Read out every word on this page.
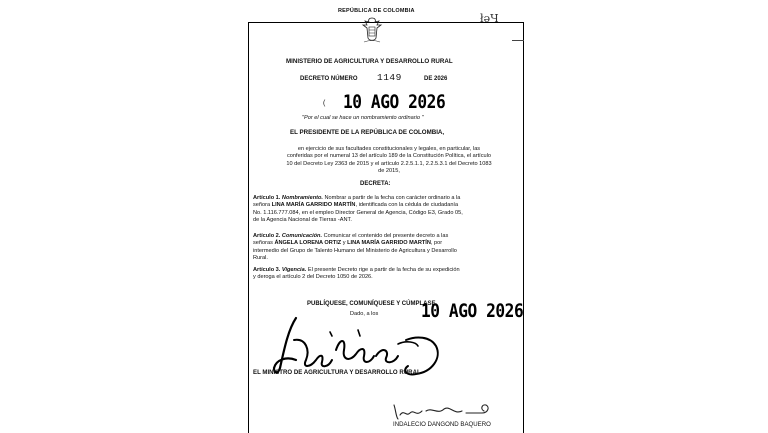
REPÚBLICA DE COLOMBIA
łəЧ
MINISTERIO DE AGRICULTURA Y DESARROLLO RURAL
DECRETO NÚMERO 1149	DE 2026
( 10 AGO 2026
"Por el cual se hace un nombramiento ordinario "
EL PRESIDENTE DE LA REPÚBLICA DE COLOMBIA,
en ejercicio de sus facultades constitucionales y legales, en particular, las
conferidas por el numeral 13 del artículo 189 de la Constitución Política, el artículo
10 del Decreto Ley 2363 de 2015 y el artículo 2.2.5.1.1, 2.2.5.3.1 del Decreto 1083
de 2015,
DECRETA:
Artículo 1. Nombramiento. Nombrar a partir de la fecha con carácter ordinario a la
señora LINA MARÍA GARRIDO MARTÍN, identificada con la cédula de ciudadanía
No. 1.116.777.084, en el empleo Director General de Agencia, Código E3, Grado 05,
de la Agencia Nacional de Tierras -ANT.
Artículo 2. Comunicación. Comunicar el contenido del presente decreto a las
señoras ÁNGELA LORENA ORTIZ y LINA MARÍA GARRIDO MARTÍN, por
intermedio del Grupo de Talento Humano del Ministerio de Agricultura y Desarrollo
Rural.
Artículo 3. Vigencia. El presente Decreto rige a partir de la fecha de su expedición
y deroga el artículo 2 del Decreto 1050 de 2026.
PUBLÍQUESE, COMUNÍQUESE Y CÚMPLASE
Dado, a los 10 AGO 2026
EL MINISTRO DE AGRICULTURA Y DESARROLLO RURAL
INDALECIO DANGOND BAQUERO
